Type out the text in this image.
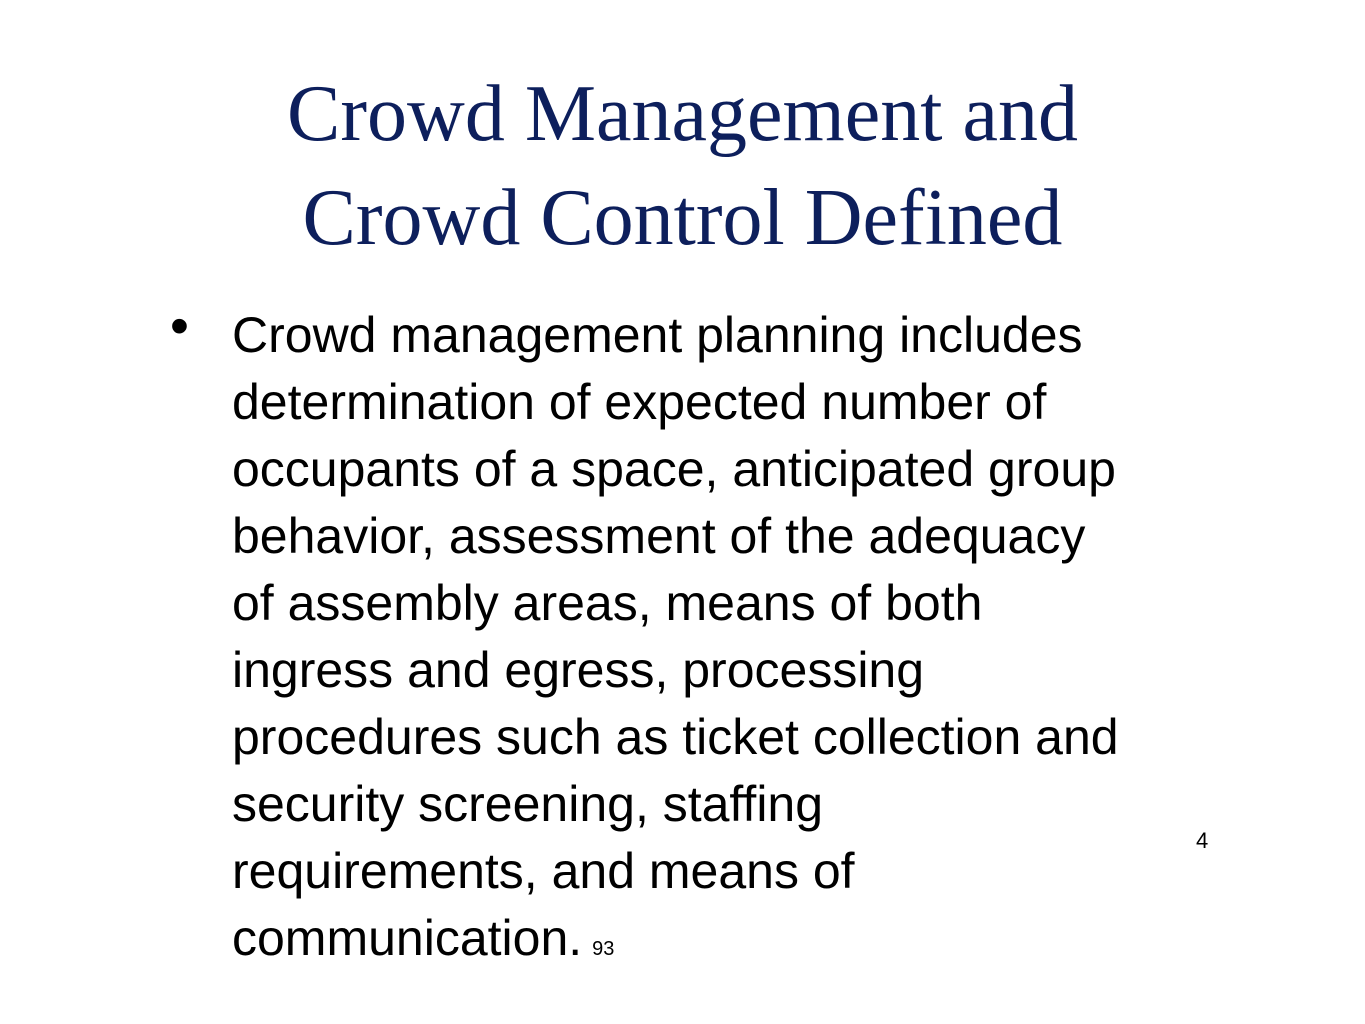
Crowd Management and
Crowd Control Defined
• Crowd management planning includes
determination of expected number of
occupants of a space, anticipated group
behavior, assessment of the adequacy
of assembly areas, means of both
ingress and egress, processing
procedures such as ticket collection and
security screening, staffing
requirements, and means of
communication. 93
4
